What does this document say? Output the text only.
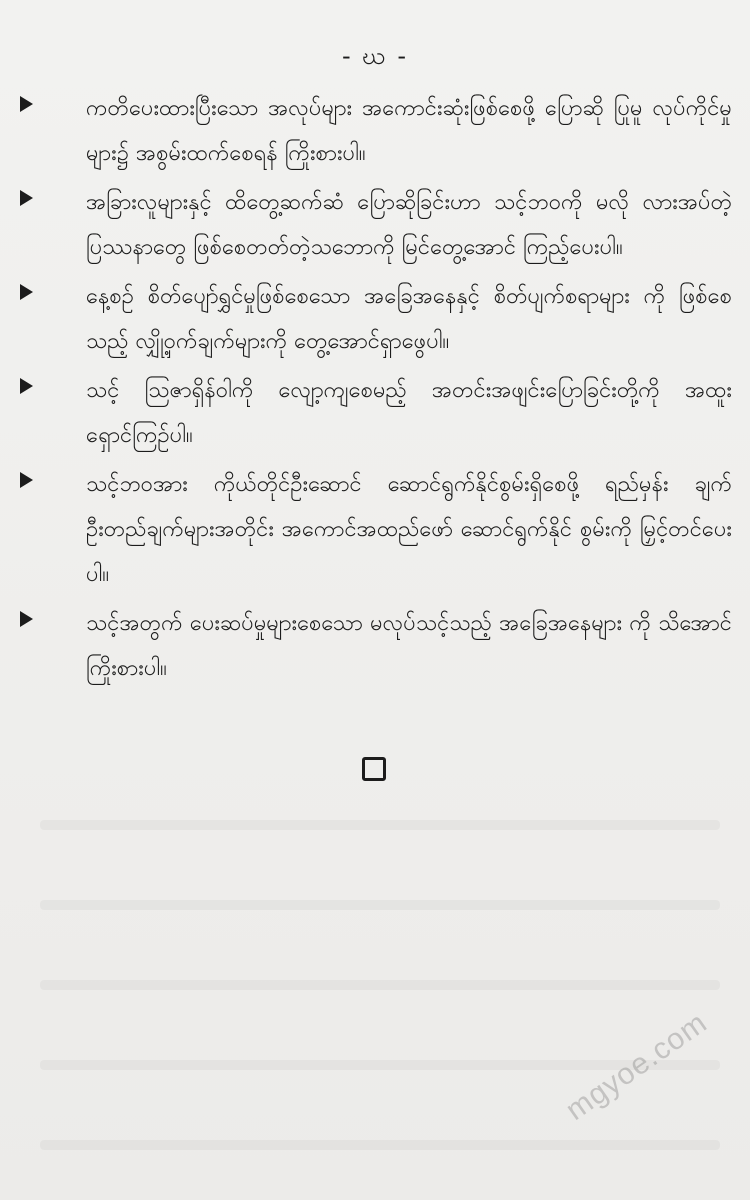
- ဃ -
ကတိပေးထားပြီးသော အလုပ်များ အကောင်းဆုံးဖြစ်စေဖို့ ပြောဆို ပြုမူ လုပ်ကိုင်မှုများ၌ အစွမ်းထက်စေရန် ကြိုးစားပါ။
အခြားလူများနှင့် ထိတွေ့ဆက်ဆံ ပြောဆိုခြင်းဟာ သင့်ဘဝကို မလို လားအပ်တဲ့ ပြဿနာတွေ ဖြစ်စေတတ်တဲ့သဘောကို မြင်တွေ့အောင် ကြည့်ပေးပါ။
နေ့စဉ် စိတ်ပျော်ရွှင်မှုဖြစ်စေသော အခြေအနေနှင့် စိတ်ပျက်စရာများ ကို ဖြစ်စေသည့် လျှို့ဝှက်ချက်များကို တွေ့အောင်ရှာဖွေပါ။
သင့် ဩဇာရှိန်ဝါကို လျော့ကျစေမည့် အတင်းအဖျင်းပြောခြင်းတို့ကို အထူး ရှောင်ကြဉ်ပါ။
သင့်ဘဝအား ကိုယ်တိုင်ဦးဆောင် ဆောင်ရွက်နိုင်စွမ်းရှိစေဖို့ ရည်မှန်း ချက် ဦးတည်ချက်များအတိုင်း အကောင်အထည်ဖော် ဆောင်ရွက်နိုင် စွမ်းကို မြှင့်တင်ပေးပါ။
သင့်အတွက် ပေးဆပ်မှုများစေသော မလုပ်သင့်သည့် အခြေအနေများ ကို သိအောင်ကြိုးစားပါ။
mgyoe.com
